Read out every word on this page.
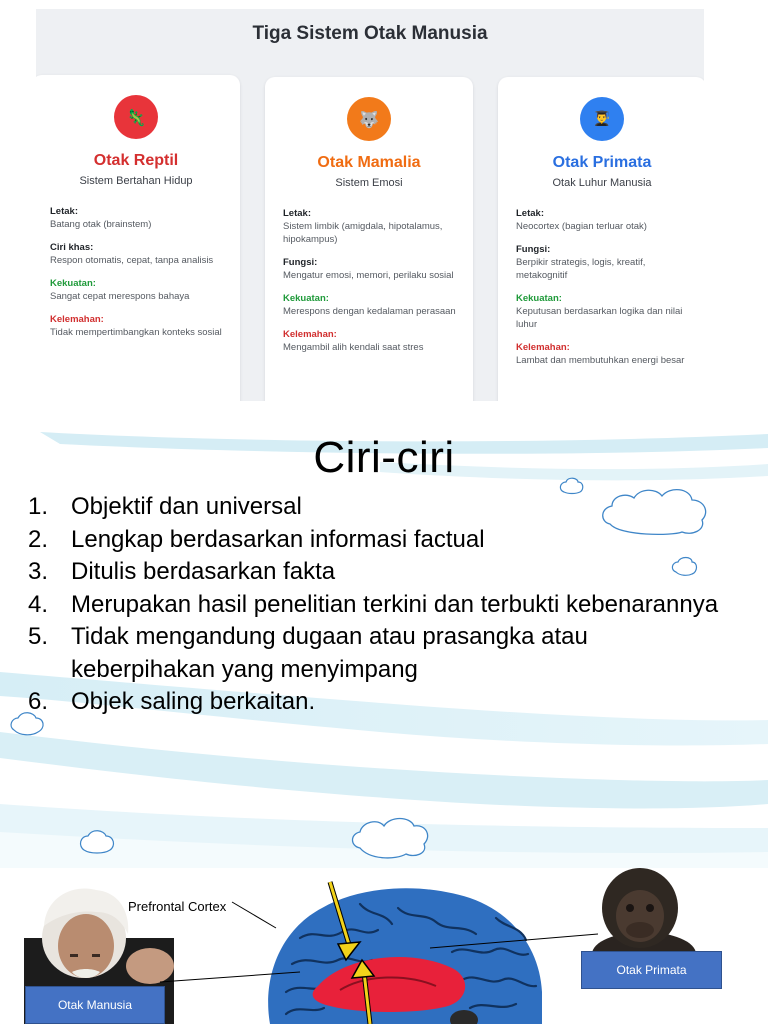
Tiga Sistem Otak Manusia
🦎
Otak Reptil
Sistem Bertahan Hidup
Letak:
Batang otak (brainstem)
Ciri khas:
Respon otomatis, cepat, tanpa analisis
Kekuatan:
Sangat cepat merespons bahaya
Kelemahan:
Tidak mempertimbangkan konteks sosial
🐺
Otak Mamalia
Sistem Emosi
Letak:
Sistem limbik (amigdala, hipotalamus, hipokampus)
Fungsi:
Mengatur emosi, memori, perilaku sosial
Kekuatan:
Merespons dengan kedalaman perasaan
Kelemahan:
Mengambil alih kendali saat stres
👨‍🎓
Otak Primata
Otak Luhur Manusia
Letak:
Neocortex (bagian terluar otak)
Fungsi:
Berpikir strategis, logis, kreatif, metakognitif
Kekuatan:
Keputusan berdasarkan logika dan nilai luhur
Kelemahan:
Lambat dan membutuhkan energi besar
Ciri-ciri
1. Objektif dan universal
2. Lengkap berdasarkan informasi factual
3. Ditulis berdasarkan fakta
4. Merupakan hasil penelitian terkini dan terbukti kebenarannya
5. Tidak mengandung dugaan atau prasangka atau keberpihakan yang menyimpang
6. Objek saling berkaitan.
Prefrontal Cortex
Otak Manusia
Otak Primata
